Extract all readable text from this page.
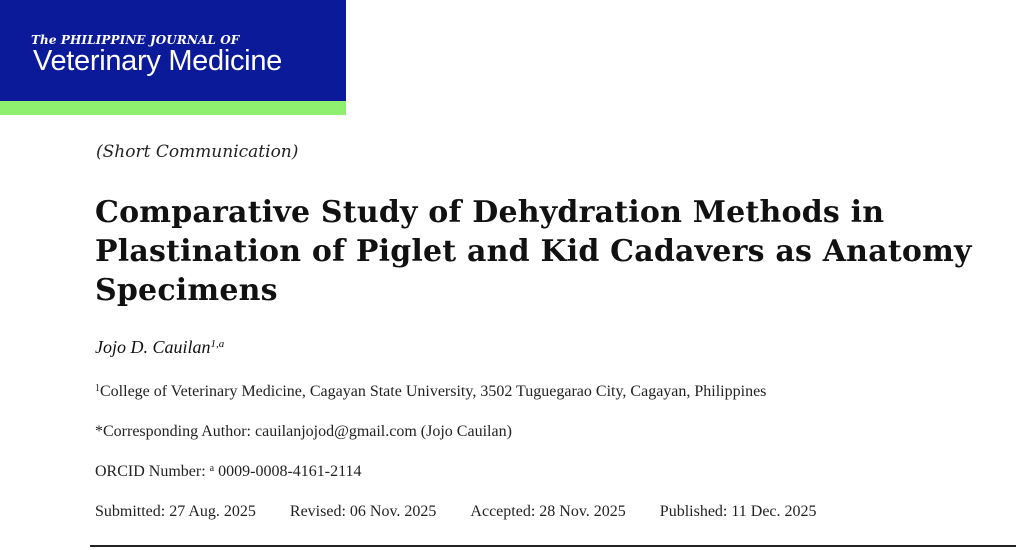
The PHILIPPINE JOURNAL OF
Veterinary Medicine
(Short Communication)
Comparative Study of Dehydration Methods in Plastination of Piglet and Kid Cadavers as Anatomy Specimens
Jojo D. Cauilan$^{1,a}$
$^1$College of Veterinary Medicine, Cagayan State University, 3502 Tuguegarao City, Cagayan, Philippines
*Corresponding Author: cauilanjojod@gmail.com (Jojo Cauilan)
ORCID Number: $^a$ 0009-0008-4161-2114
Submitted: 27 Aug. 2025 Revised: 06 Nov. 2025 Accepted: 28 Nov. 2025 Published: 11 Dec. 2025
